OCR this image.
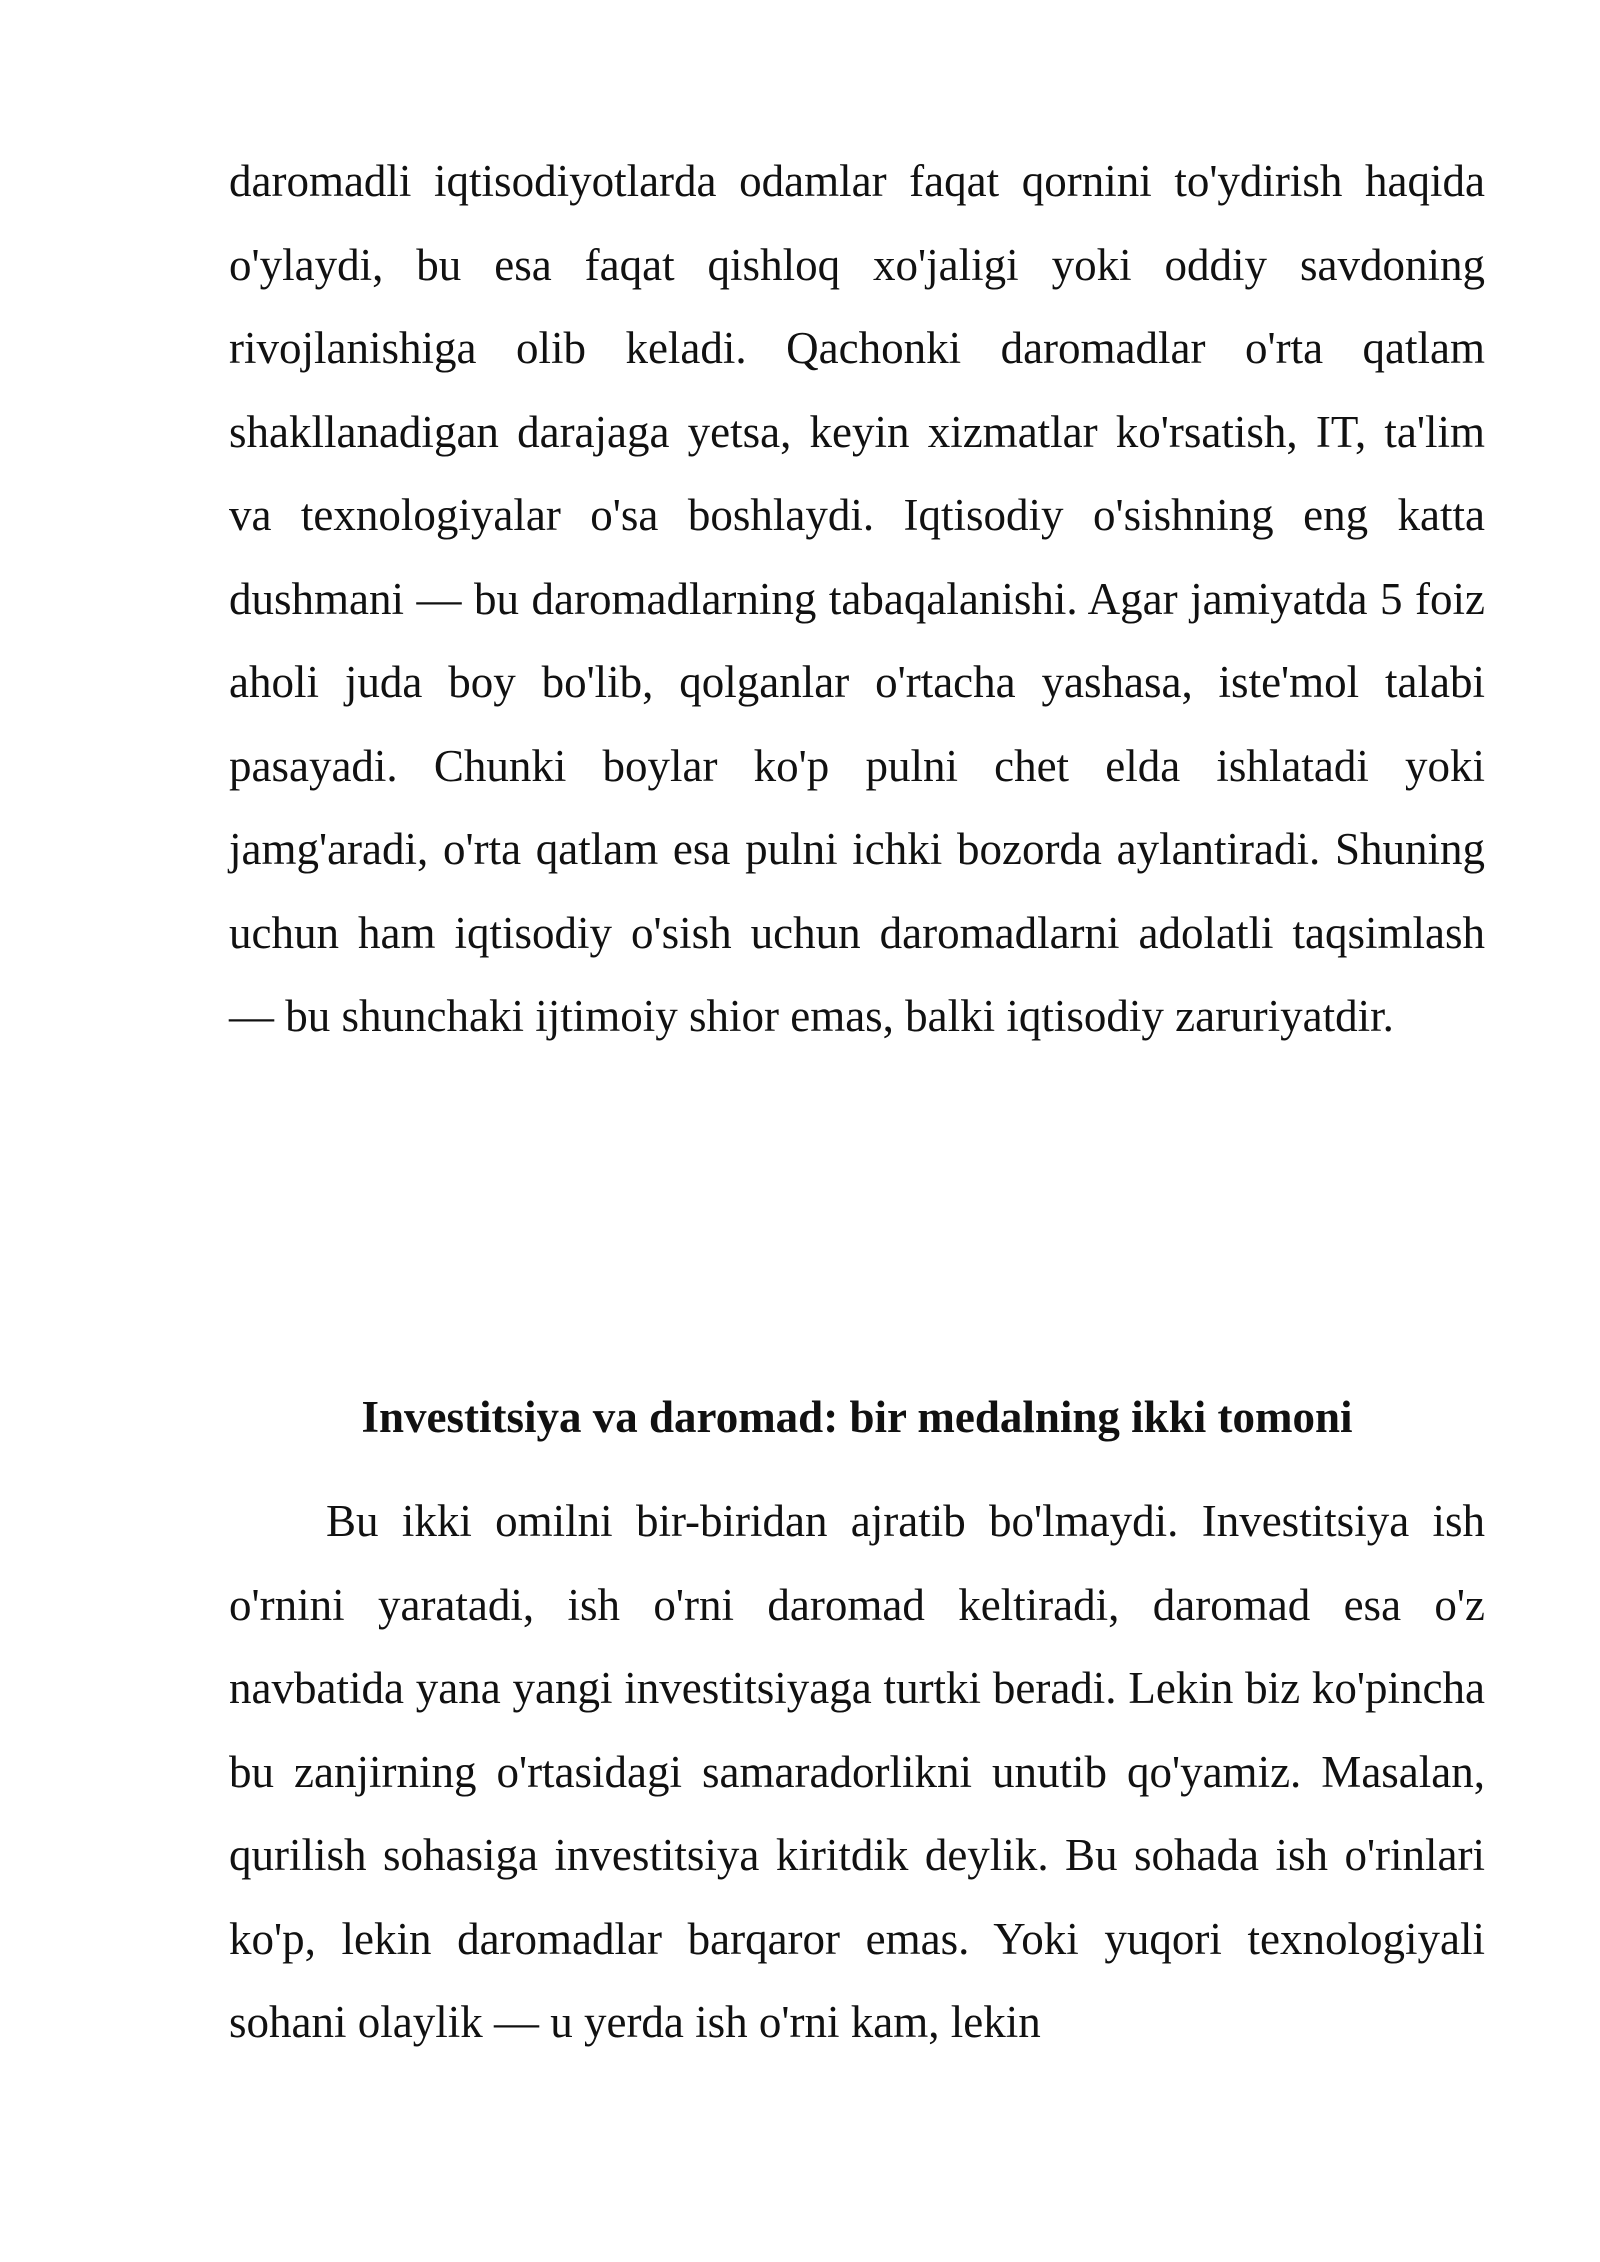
daromadli iqtisodiyotlarda odamlar faqat qornini to'ydirish haqida o'ylaydi, bu esa faqat qishloq xo'jaligi yoki oddiy savdoning rivojlanishiga olib keladi. Qachonki daromadlar o'rta qatlam shakllanadigan darajaga yetsa, keyin xizmatlar ko'rsatish, IT, ta'lim va texnologiyalar o'sa boshlaydi. Iqtisodiy o'sishning eng katta dushmani — bu daromadlarning tabaqalanishi. Agar jamiyatda 5 foiz aholi juda boy bo'lib, qolganlar o'rtacha yashasa, iste'mol talabi pasayadi. Chunki boylar ko'p pulni chet elda ishlatadi yoki jamg'aradi, o'rta qatlam esa pulni ichki bozorda aylantiradi. Shuning uchun ham iqtisodiy o'sish uchun daromadlarni adolatli taqsimlash — bu shunchaki ijtimoiy shior emas, balki iqtisodiy zaruriyatdir.

Investitsiya va daromad: bir medalning ikki tomoni

Bu ikki omilni bir-biridan ajratib bo'lmaydi. Investitsiya ish o'rnini yaratadi, ish o'rni daromad keltiradi, daromad esa o'z navbatida yana yangi investitsiyaga turtki beradi. Lekin biz ko'pincha bu zanjirning o'rtasidagi samaradorlikni unutib qo'yamiz. Masalan, qurilish sohasiga investitsiya kiritdik deylik. Bu sohada ish o'rinlari ko'p, lekin daromadlar barqaror emas. Yoki yuqori texnologiyali sohani olaylik — u yerda ish o'rni kam, lekin
